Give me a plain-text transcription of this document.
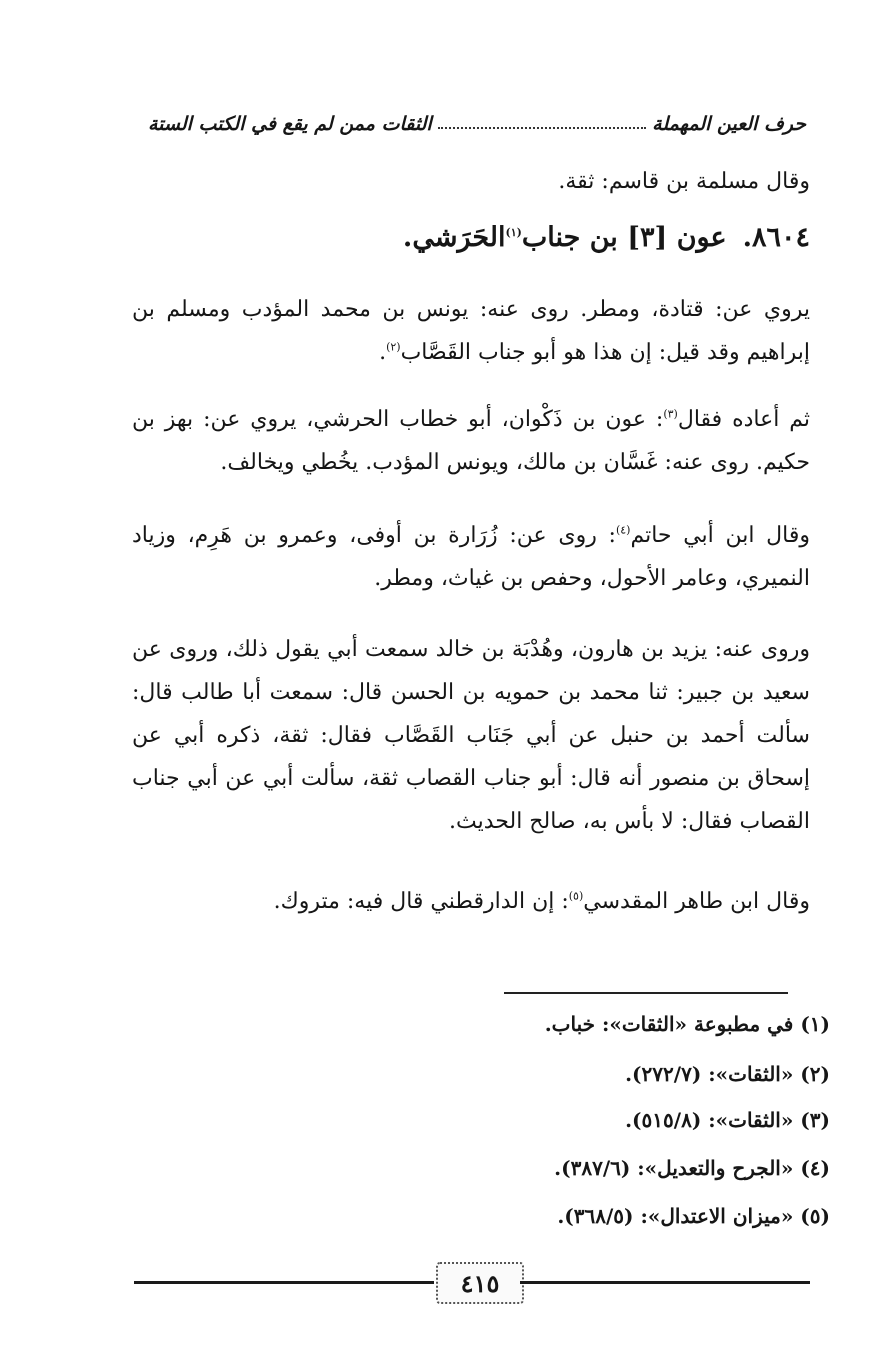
حرف العين المهملة
الثقات ممن لم يقع في الكتب الستة
وقال مسلمة بن قاسم: ثقة.
٨٦٠٤.
عون [٣] بن جناب$^{(١)}$الحَرَشي.
يروي عن: قتادة، ومطر. روى عنه: يونس بن محمد المؤدب ومسلم بن إبراهيم وقد قيل: إن هذا هو أبو جناب القَصَّاب$^{(٢)}$.
ثم أعاده فقال$^{(٣)}$: عون بن ذَكْوان، أبو خطاب الحرشي، يروي عن: بهز بن حكيم. روى عنه: غَسَّان بن مالك، ويونس المؤدب. يخُطي ويخالف.
وقال ابن أبي حاتم$^{(٤)}$: روى عن: زُرَارة بن أوفى، وعمرو بن هَرِم، وزياد النميري، وعامر الأحول، وحفص بن غياث، ومطر.
وروى عنه: يزيد بن هارون، وهُدْبَة بن خالد سمعت أبي يقول ذلك، وروى عن سعيد بن جبير: ثنا محمد بن حمويه بن الحسن قال: سمعت أبا طالب قال: سألت أحمد بن حنبل عن أبي جَنَاب القَصَّاب فقال: ثقة، ذكره أبي عن إسحاق بن منصور أنه قال: أبو جناب القصاب ثقة، سألت أبي عن أبي جناب القصاب فقال: لا بأس به، صالح الحديث.
وقال ابن طاهر المقدسي$^{(٥)}$: إن الدارقطني قال فيه: متروك.
(١) في مطبوعة «الثقات»: خباب.
(٢) «الثقات»: (٢٧٢/٧).
(٣) «الثقات»: (٥١٥/٨).
(٤) «الجرح والتعديل»: (٣٨٧/٦).
(٥) «ميزان الاعتدال»: (٣٦٨/٥).
٤١٥
